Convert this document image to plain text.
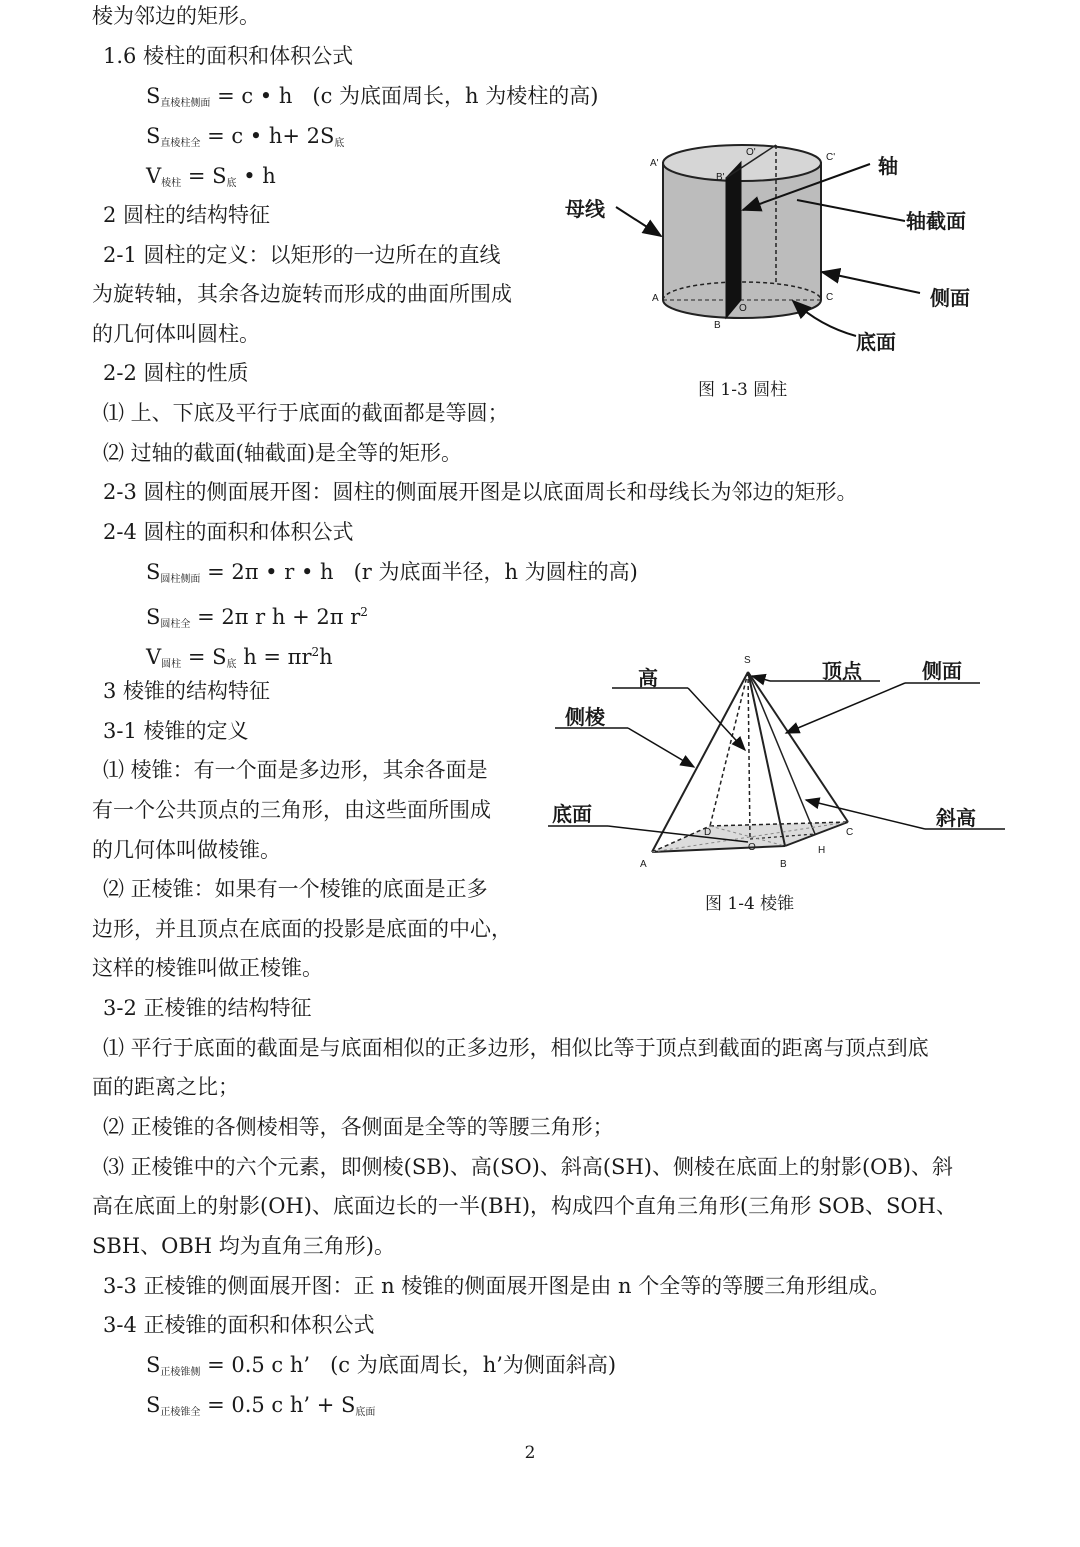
棱为邻边的矩形。
1.6 棱柱的面积和体积公式
$S_{直棱柱侧面} = c$ • h (c 为底面周长，h 为棱柱的高)
$S_{直棱柱全} = c$ • $h+ 2S_底$
$V_{棱柱} = S_底$ • h
2 圆柱的结构特征
2-1 圆柱的定义：以矩形的一边所在的直线
为旋转轴，其余各边旋转而形成的曲面所围成
的几何体叫圆柱。
2-2 圆柱的性质
⑴ 上、下底及平行于底面的截面都是等圆；
⑵ 过轴的截面(轴截面)是全等的矩形。
2-3 圆柱的侧面展开图：圆柱的侧面展开图是以底面周长和母线长为邻边的矩形。
2-4 圆柱的面积和体积公式
$S_{圆柱侧面} = 2\pi$ • r • h (r 为底面半径，h 为圆柱的高)
$S_{圆柱全} = 2\pi$ r h + 2π $r^2$
$V_{圆柱} = S_底$ $h = \pi r^2h$
3 棱锥的结构特征
3-1 棱锥的定义
⑴ 棱锥：有一个面是多边形，其余各面是
有一个公共顶点的三角形，由这些面所围成
的几何体叫做棱锥。
⑵ 正棱锥：如果有一个棱锥的底面是正多
边形，并且顶点在底面的投影是底面的中心，
这样的棱锥叫做正棱锥。
3-2 正棱锥的结构特征
⑴ 平行于底面的截面是与底面相似的正多边形，相似比等于顶点到截面的距离与顶点到底
面的距离之比；
⑵ 正棱锥的各侧棱相等，各侧面是全等的等腰三角形；
⑶ 正棱锥中的六个元素，即侧棱(SB)、高(SO)、斜高(SH)、侧棱在底面上的射影(OB)、斜
高在底面上的射影(OH)、底面边长的一半(BH)，构成四个直角三角形(三角形 SOB、SOH、
SBH、OBH 均为直角三角形)。
3-3 正棱锥的侧面展开图：正 n 棱锥的侧面展开图是由 n 个全等的等腰三角形组成。
3-4 正棱锥的面积和体积公式
$S_{正棱锥侧} = 0.5$ c h’ (c 为底面周长，h’为侧面斜高)
$S_{正棱锥全} = 0.5$ c h’ + $S_{底面}$
轴
轴截面
母线
侧面
底面
A'
B'
O'	C'
A
O
C
B
图 1-3 圆柱
高	顶点	侧面
侧棱
底面	斜高
S
A	B
C
D
O	H
图 1-4 棱锥
2
